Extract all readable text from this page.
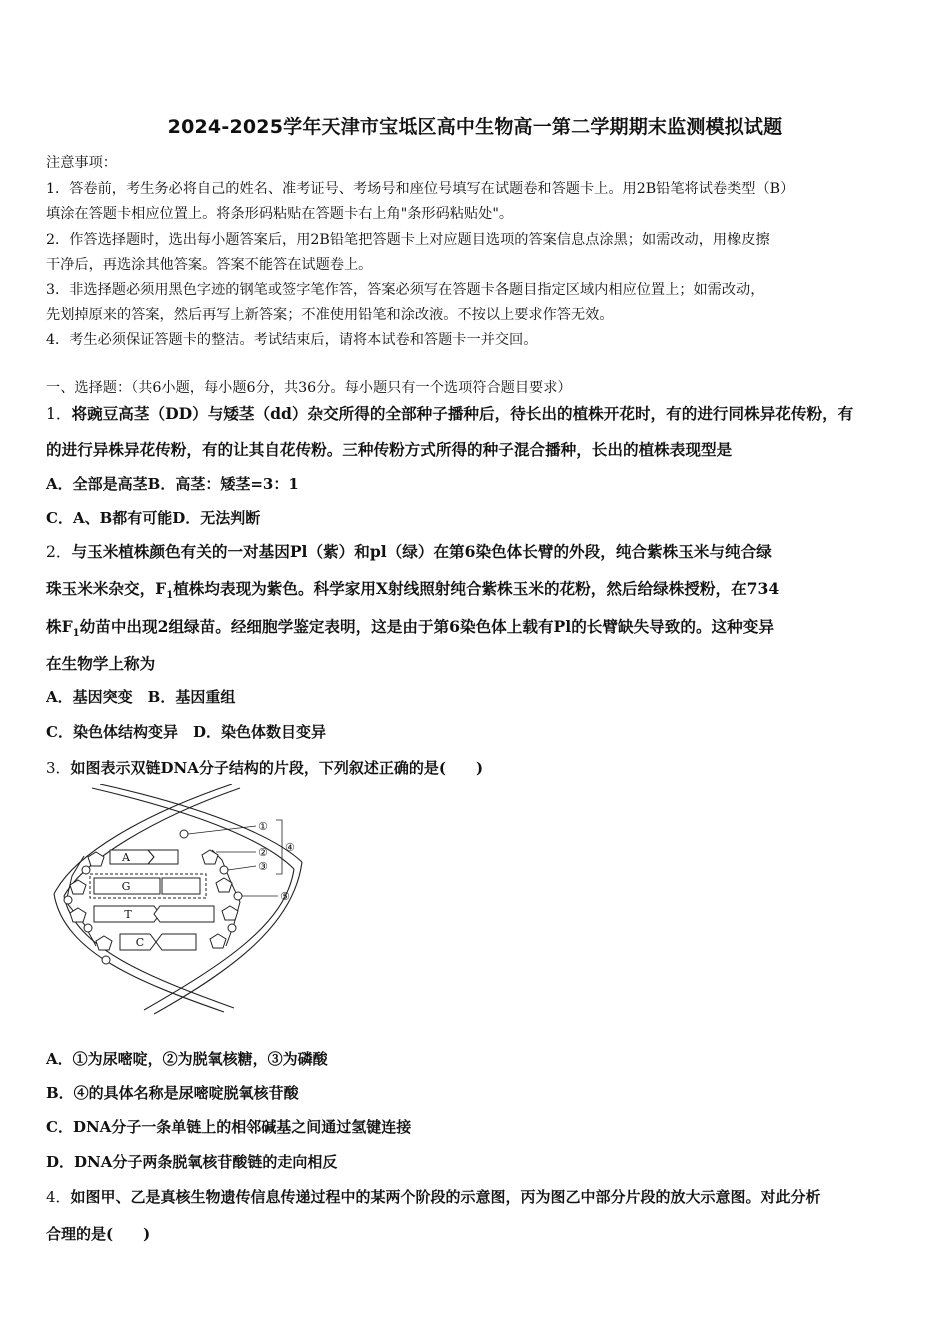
2024-2025学年天津市宝坻区高中生物高一第二学期期末监测模拟试题
注意事项：
1．答卷前，考生务必将自己的姓名、准考证号、考场号和座位号填写在试题卷和答题卡上。用2B铅笔将试卷类型（B）
填涂在答题卡相应位置上。将条形码粘贴在答题卡右上角"条形码粘贴处"。
2．作答选择题时，选出每小题答案后，用2B铅笔把答题卡上对应题目选项的答案信息点涂黑；如需改动，用橡皮擦
干净后，再选涂其他答案。答案不能答在试题卷上。
3．非选择题必须用黑色字迹的钢笔或签字笔作答，答案必须写在答题卡各题目指定区域内相应位置上；如需改动，
先划掉原来的答案，然后再写上新答案；不准使用铅笔和涂改液。不按以上要求作答无效。
4．考生必须保证答题卡的整洁。考试结束后，请将本试卷和答题卡一并交回。
一、选择题：（共6小题，每小题6分，共36分。每小题只有一个选项符合题目要求）
1．将豌豆高茎（DD）与矮茎（dd）杂交所得的全部种子播种后，待长出的植株开花时，有的进行同株异花传粉，有
的进行异株异花传粉，有的让其自花传粉。三种传粉方式所得的种子混合播种，长出的植株表现型是
A．全部是高茎B．高茎：矮茎=3：1
C．A、B都有可能D．无法判断
2．与玉米植株颜色有关的一对基因Pl（紫）和pl（绿）在第6染色体长臂的外段，纯合紫株玉米与纯合绿
珠玉米米杂交，$F_1$植株均表现为紫色。科学家用X射线照射纯合紫株玉米的花粉，然后给绿株授粉，在734
株$F_1$幼苗中出现2组绿苗。经细胞学鉴定表明，这是由于第6染色体上载有Pl的长臂缺失导致的。这种变异
在生物学上称为
A．基因突变　B．基因重组
C．染色体结构变异　D．染色体数目变异
3．如图表示双链DNA分子结构的片段，下列叙述正确的是(　　)
A
G
T
C
①
②
③
④
⑤
A．①为尿嘧啶，②为脱氧核糖，③为磷酸
B．④的具体名称是尿嘧啶脱氧核苷酸
C．DNA分子一条单链上的相邻碱基之间通过氢键连接
D．DNA分子两条脱氧核苷酸链的走向相反
4．如图甲、乙是真核生物遗传信息传递过程中的某两个阶段的示意图，丙为图乙中部分片段的放大示意图。对此分析
合理的是(　　)
